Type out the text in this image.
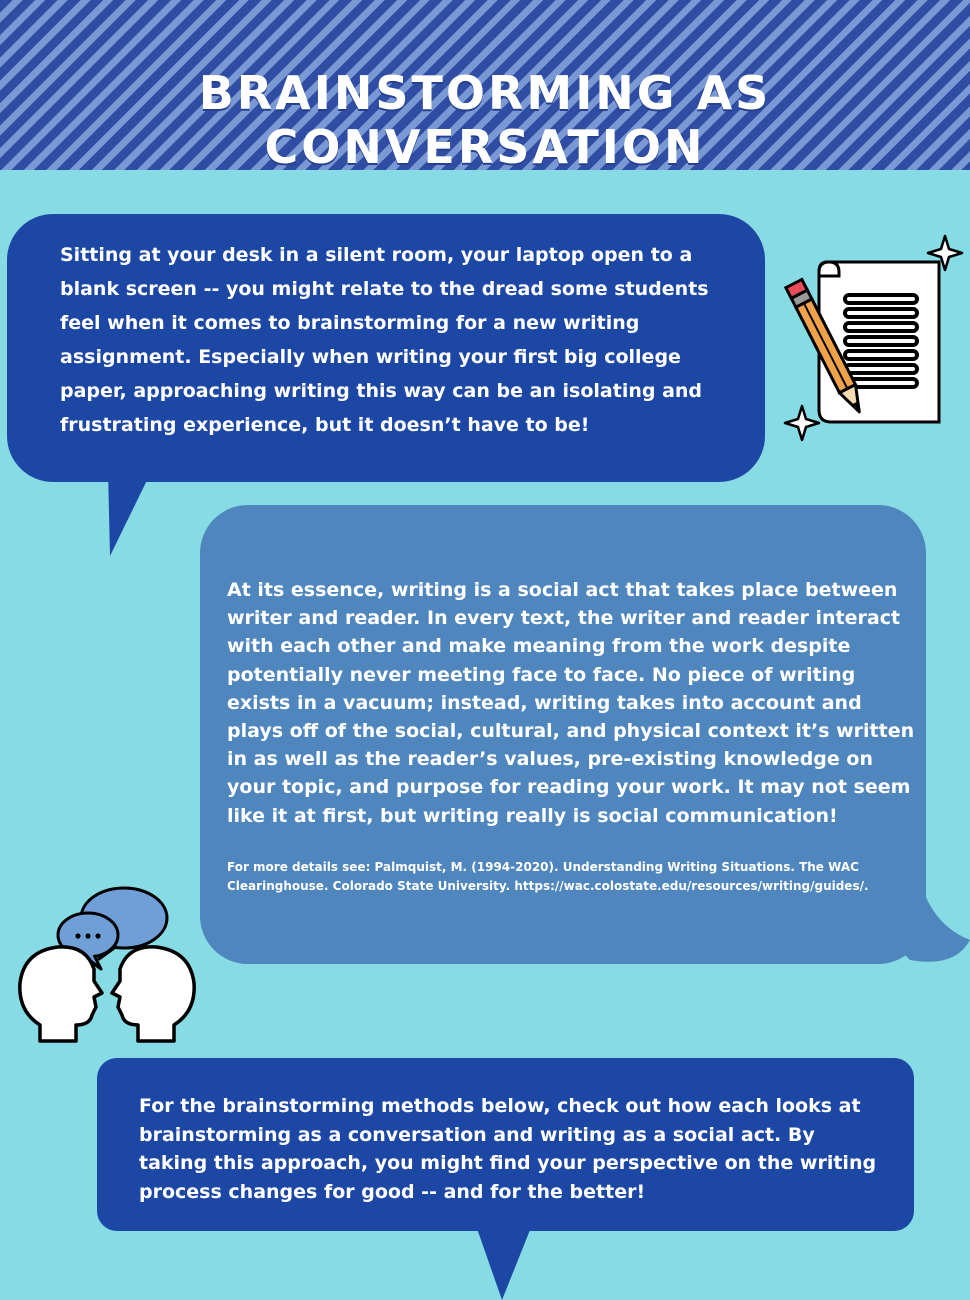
BRAINSTORMING AS CONVERSATION
Sitting at your desk in a silent room, your laptop open to a blank screen -- you might relate to the dread some students feel when it comes to brainstorming for a new writing assignment. Especially when writing your first big college paper, approaching writing this way can be an isolating and frustrating experience, but it doesn’t have to be!
At its essence, writing is a social act that takes place between writer and reader. In every text, the writer and reader interact with each other and make meaning from the work despite potentially never meeting face to face. No piece of writing exists in a vacuum; instead, writing takes into account and plays off of the social, cultural, and physical context it’s written in as well as the reader’s values, pre-existing knowledge on your topic, and purpose for reading your work. It may not seem like it at first, but writing really is social communication!
For more details see: Palmquist, M. (1994-2020). Understanding Writing Situations. The WAC Clearinghouse. Colorado State University. https://wac.colostate.edu/resources/writing/guides/.
For the brainstorming methods below, check out how each looks at brainstorming as a conversation and writing as a social act. By taking this approach, you might find your perspective on the writing process changes for good -- and for the better!
